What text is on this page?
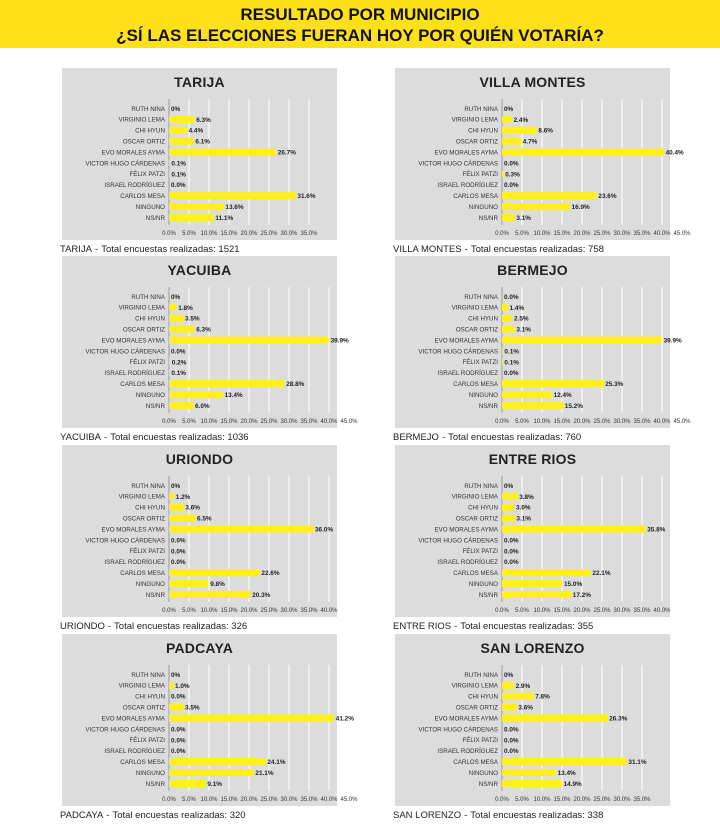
RESULTADO POR MUNICIPIO
¿SÍ LAS ELECCIONES FUERAN HOY POR QUIÉN VOTARÍA?
TARIJA
RUTH NINA 0%
VIRGINIO LEMA	6.3%
CHI HYUN	4.4%
OSCAR ORTIZ	6.1%
EVO MORALES AYMA	26.7%
VICTOR HUGO CÁRDENAS 0.1%
FÉLIX PATZI 0.1%
ISRAEL RODRÍGUEZ 0.0%
CARLOS MESA	31.6%
NINGUNO	13.6%
NS/NR	11.1%
0.0% 5.0% 10.0% 15.0% 20.0% 25.0% 30.0% 35.0%
TARIJA - Total encuestas realizadas: 1521
VILLA MONTES
RUTH NINA 0%
VIRGINIO LEMA 2.4%
CHI HYUN	8.6%
OSCAR ORTIZ	4.7%
EVO MORALES AYMA	40.4%
VICTOR HUGO CÁRDENAS 0.0%
FÉLIX PATZI 0.3%
ISRAEL RODRÍGUEZ 0.0%
CARLOS MESA	23.6%
NINGUNO	16.9%
NS/NR	3.1%
0.0% 5.0% 10.0% 15.0% 20.0% 25.0% 30.0% 35.0% 40.0% 45.0%
VILLA MONTES - Total encuestas realizadas: 758
YACUIBA
RUTH NINA 0%
VIRGINIO LEMA 1.8%
CHI HYUN	3.5%
OSCAR ORTIZ	6.3%
EVO MORALES AYMA	39.9%
VICTOR HUGO CÁRDENAS 0.0%
FÉLIX PATZI 0.2%
ISRAEL RODRÍGUEZ 0.1%
CARLOS MESA	28.8%
NINGUNO	13.4%
NS/NR	6.0%
0.0% 5.0% 10.0% 15.0% 20.0% 25.0% 30.0% 35.0% 40.0% 45.0%
YACUIBA - Total encuestas realizadas: 1036
BERMEJO
RUTH NINA 0.0%
VIRGINIO LEMA 1.4%
CHI HYUN	2.5%
OSCAR ORTIZ	3.1%
EVO MORALES AYMA	39.9%
VICTOR HUGO CÁRDENAS 0.1%
FÉLIX PATZI 0.1%
ISRAEL RODRÍGUEZ 0.0%
CARLOS MESA	25.3%
NINGUNO	12.4%
NS/NR	15.2%
0.0% 5.0% 10.0% 15.0% 20.0% 25.0% 30.0% 35.0% 40.0% 45.0%
BERMEJO - Total encuestas realizadas: 760
URIONDO
RUTH NINA 0%
VIRGINIO LEMA 1.2%
CHI HYUN	3.6%
OSCAR ORTIZ	6.5%
EVO MORALES AYMA	36.0%
VICTOR HUGO CÁRDENAS 0.0%
FÉLIX PATZI 0.0%
ISRAEL RODRÍGUEZ 0.0%
CARLOS MESA	22.6%
NINGUNO	9.8%
NS/NR	20.3%
0.0% 5.0% 10.0% 15.0% 20.0% 25.0% 30.0% 35.0% 40.0%
URIONDO - Total encuestas realizadas: 326
ENTRE RIOS
RUTH NINA 0%
VIRGINIO LEMA	3.8%
CHI HYUN	3.0%
OSCAR ORTIZ	3.1%
EVO MORALES AYMA	35.8%
VICTOR HUGO CÁRDENAS 0.0%
FÉLIX PATZI 0.0%
ISRAEL RODRÍGUEZ 0.0%
CARLOS MESA	22.1%
NINGUNO	15.0%
NS/NR	17.2%
0.0% 5.0% 10.0% 15.0% 20.0% 25.0% 30.0% 35.0% 40.0%
ENTRE RIOS - Total encuestas realizadas: 355
PADCAYA
RUTH NINA 0%
VIRGINIO LEMA 1.0%
CHI HYUN 0.0%
OSCAR ORTIZ	3.5%
EVO MORALES AYMA	41.2%
VICTOR HUGO CÁRDENAS 0.0%
FÉLIX PATZI 0.0%
ISRAEL RODRÍGUEZ 0.0%
CARLOS MESA	24.1%
NINGUNO	21.1%
NS/NR	9.1%
0.0% 5.0% 10.0% 15.0% 20.0% 25.0% 30.0% 35.0% 40.0% 45.0%
PADCAYA - Total encuestas realizadas: 320
SAN LORENZO
RUTH NINA 0%
VIRGINIO LEMA	2.9%
CHI HYUN	7.8%
OSCAR ORTIZ	3.6%
EVO MORALES AYMA	26.3%
VICTOR HUGO CÁRDENAS 0.0%
FÉLIX PATZI 0.0%
ISRAEL RODRÍGUEZ 0.0%
CARLOS MESA	31.1%
NINGUNO	13.4%
NS/NR	14.9%
0.0% 5.0% 10.0% 15.0% 20.0% 25.0% 30.0% 35.0%
SAN LORENZO - Total encuestas realizadas: 338
